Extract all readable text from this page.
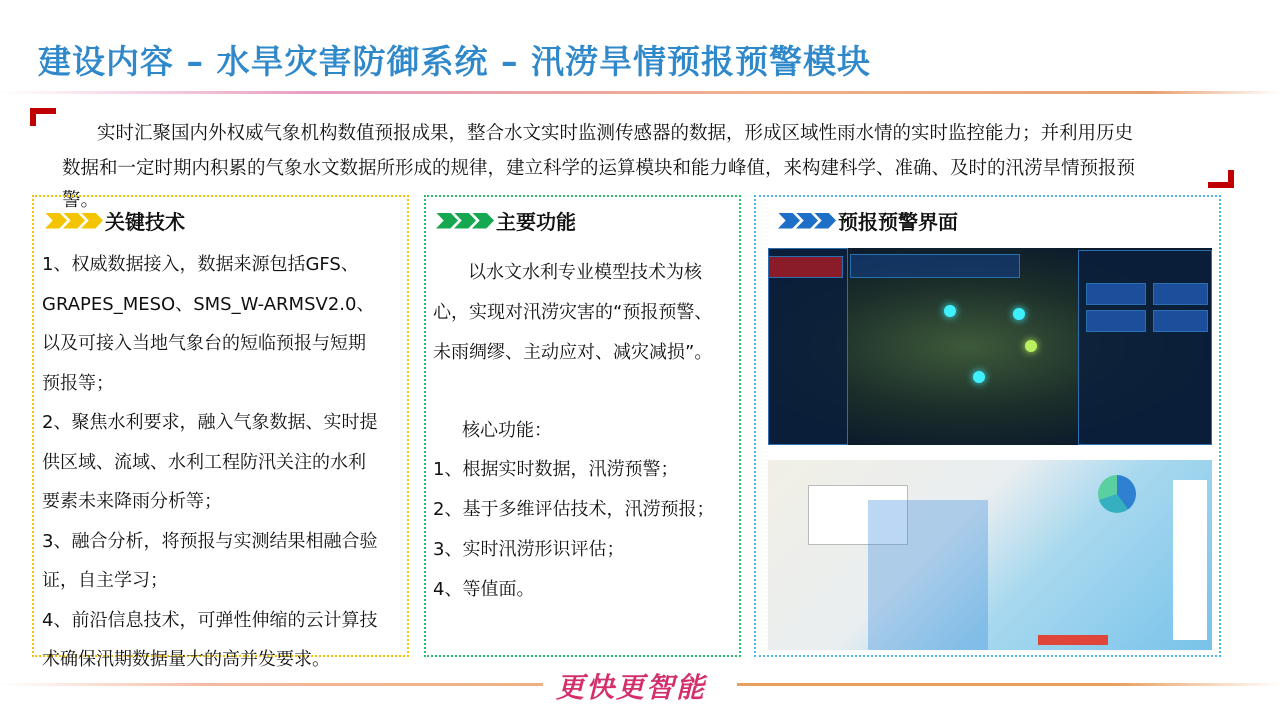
建设内容 – 水旱灾害防御系统 – 汛涝旱情预报预警模块
实时汇聚国内外权威气象机构数值预报成果，整合水文实时监测传感器的数据，形成区域性雨水情的实时监控能力；并利用历史
数据和一定时期内积累的气象水文数据所形成的规律，建立科学的运算模块和能力峰值，来构建科学、准确、及时的汛涝旱情预报预
警。
关键技术
1、权威数据接入，数据来源包括GFS、
GRAPES_MESO、SMS_W-ARMSV2.0、
以及可接入当地气象台的短临预报与短期
预报等；
2、聚焦水利要求，融入气象数据、实时提
供区域、流域、水利工程防汛关注的水利
要素未来降雨分析等；
3、融合分析，将预报与实测结果相融合验
证，自主学习；
4、前沿信息技术，可弹性伸缩的云计算技
术确保汛期数据量大的高并发要求。
主要功能
以水文水利专业模型技术为核
心，实现对汛涝灾害的“预报预警、
未雨绸缪、主动应对、减灾减损”。
核心功能：
1、根据实时数据，汛涝预警；
2、基于多维评估技术，汛涝预报；
3、实时汛涝形识评估；
4、等值面。
预报预警界面
更快更智能
